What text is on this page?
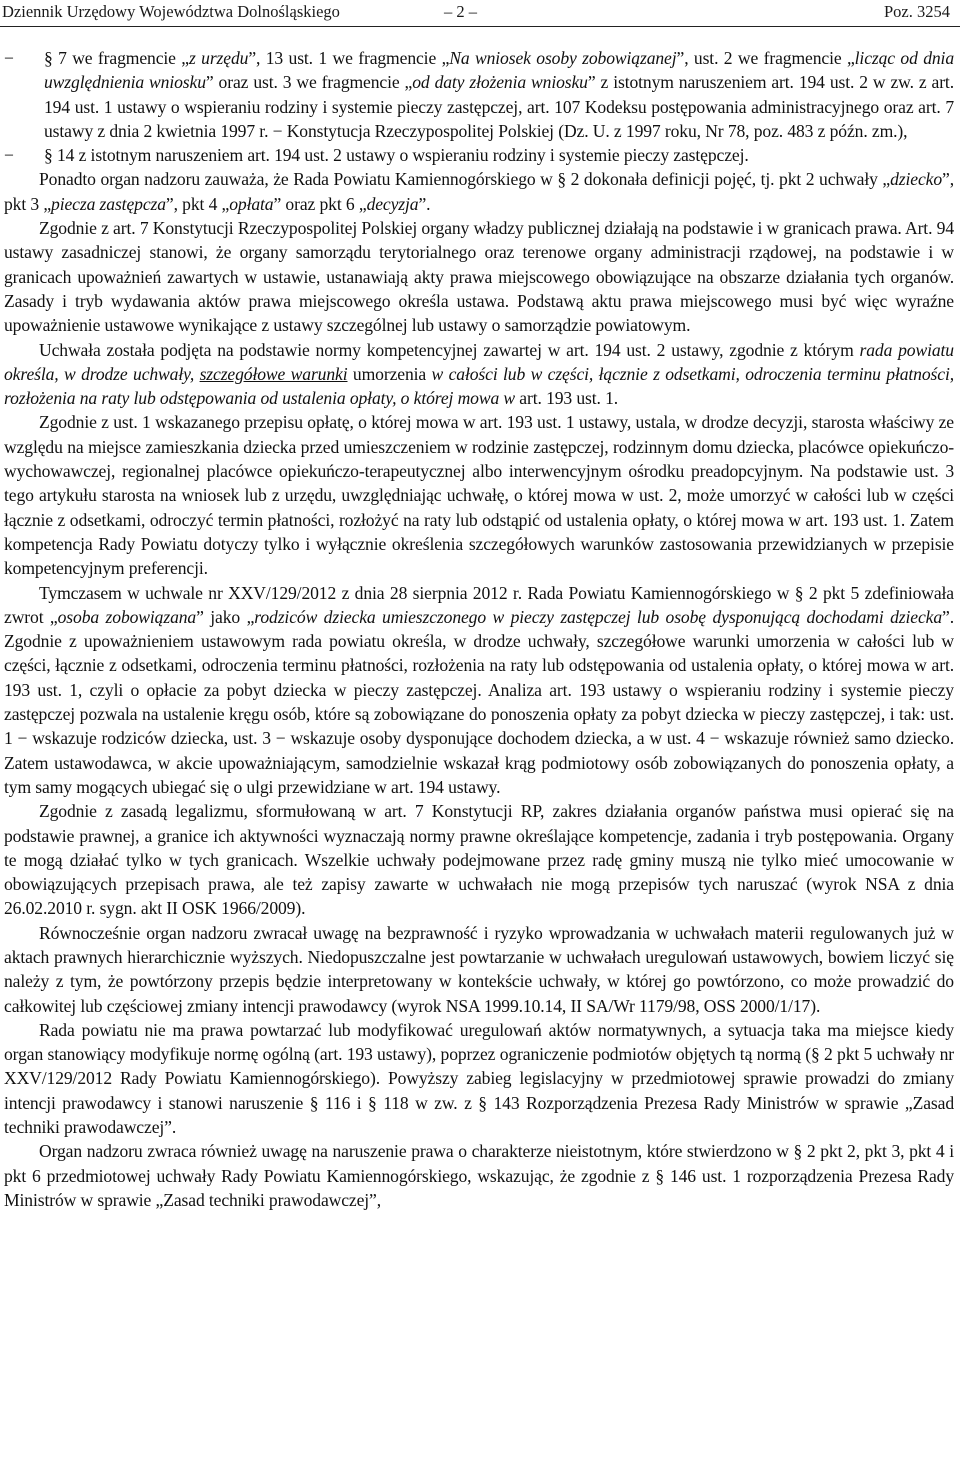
Dziennik Urzędowy Województwa Dolnośląskiego	– 2 –	Poz. 3254

− § 7 we fragmencie „z urzędu”, 13 ust. 1 we fragmencie „Na wniosek osoby zobowiązanej”, ust. 2 we fragmencie „licząc od dnia uwzględnienia wniosku” oraz ust. 3 we fragmencie „od daty złożenia wniosku” z istotnym naruszeniem art. 194 ust. 2 w zw. z art. 194 ust. 1 ustawy o wspieraniu rodziny i systemie pieczy zastępczej, art. 107 Kodeksu postępowania administracyjnego oraz art. 7 ustawy z dnia 2 kwietnia 1997 r. − Konstytucja Rzeczypospolitej Polskiej (Dz. U. z 1997 roku, Nr 78, poz. 483 z późn. zm.),

− § 14 z istotnym naruszeniem art. 194 ust. 2 ustawy o wspieraniu rodziny i systemie pieczy zastępczej.

Ponadto organ nadzoru zauważa, że Rada Powiatu Kamiennogórskiego w § 2 dokonała definicji pojęć, tj. pkt 2 uchwały „dziecko”, pkt 3 „piecza zastępcza”, pkt 4 „opłata” oraz pkt 6 „decyzja”.

Zgodnie z art. 7 Konstytucji Rzeczypospolitej Polskiej organy władzy publicznej działają na podstawie i w granicach prawa. Art. 94 ustawy zasadniczej stanowi, że organy samorządu terytorialnego oraz terenowe organy administracji rządowej, na podstawie i w granicach upoważnień zawartych w ustawie, ustanawiają akty prawa miejscowego obowiązujące na obszarze działania tych organów. Zasady i tryb wydawania aktów prawa miejscowego określa ustawa. Podstawą aktu prawa miejscowego musi być więc wyraźne upoważnienie ustawowe wynikające z ustawy szczególnej lub ustawy o samorządzie powiatowym.

Uchwała została podjęta na podstawie normy kompetencyjnej zawartej w art. 194 ust. 2 ustawy, zgodnie z którym rada powiatu określa, w drodze uchwały, szczegółowe warunki umorzenia w całości lub w części, łącznie z odsetkami, odroczenia terminu płatności, rozłożenia na raty lub odstępowania od ustalenia opłaty, o której mowa w art. 193 ust. 1.

Zgodnie z ust. 1 wskazanego przepisu opłatę, o której mowa w art. 193 ust. 1 ustawy, ustala, w drodze decyzji, starosta właściwy ze względu na miejsce zamieszkania dziecka przed umieszczeniem w rodzinie zastępczej, rodzinnym domu dziecka, placówce opiekuńczo-wychowawczej, regionalnej placówce opiekuńczo-terapeutycznej albo interwencyjnym ośrodku preadopcyjnym. Na podstawie ust. 3 tego artykułu starosta na wniosek lub z urzędu, uwzględniając uchwałę, o której mowa w ust. 2, może umorzyć w całości lub w części łącznie z odsetkami, odroczyć termin płatności, rozłożyć na raty lub odstąpić od ustalenia opłaty, o której mowa w art. 193 ust. 1. Zatem kompetencja Rady Powiatu dotyczy tylko i wyłącznie określenia szczegółowych warunków zastosowania przewidzianych w przepisie kompetencyjnym preferencji.

Tymczasem w uchwale nr XXV/129/2012 z dnia 28 sierpnia 2012 r. Rada Powiatu Kamiennogórskiego w § 2 pkt 5 zdefiniowała zwrot „osoba zobowiązana” jako „rodziców dziecka umieszczonego w pieczy zastępczej lub osobę dysponującą dochodami dziecka”. Zgodnie z upoważnieniem ustawowym rada powiatu określa, w drodze uchwały, szczegółowe warunki umorzenia w całości lub w części, łącznie z odsetkami, odroczenia terminu płatności, rozłożenia na raty lub odstępowania od ustalenia opłaty, o której mowa w art. 193 ust. 1, czyli o opłacie za pobyt dziecka w pieczy zastępczej. Analiza art. 193 ustawy o wspieraniu rodziny i systemie pieczy zastępczej pozwala na ustalenie kręgu osób, które są zobowiązane do ponoszenia opłaty za pobyt dziecka w pieczy zastępczej, i tak: ust. 1 − wskazuje rodziców dziecka, ust. 3 − wskazuje osoby dysponujące dochodem dziecka, a w ust. 4 − wskazuje również samo dziecko. Zatem ustawodawca, w akcie upoważniającym, samodzielnie wskazał krąg podmiotowy osób zobowiązanych do ponoszenia opłaty, a tym samy mogących ubiegać się o ulgi przewidziane w art. 194 ustawy.

Zgodnie z zasadą legalizmu, sformułowaną w art. 7 Konstytucji RP, zakres działania organów państwa musi opierać się na podstawie prawnej, a granice ich aktywności wyznaczają normy prawne określające kompetencje, zadania i tryb postępowania. Organy te mogą działać tylko w tych granicach. Wszelkie uchwały podejmowane przez radę gminy muszą nie tylko mieć umocowanie w obowiązujących przepisach prawa, ale też zapisy zawarte w uchwałach nie mogą przepisów tych naruszać (wyrok NSA z dnia 26.02.2010 r. sygn. akt II OSK 1966/2009).

Równocześnie organ nadzoru zwracał uwagę na bezprawność i ryzyko wprowadzania w uchwałach materii regulowanych już w aktach prawnych hierarchicznie wyższych. Niedopuszczalne jest powtarzanie w uchwałach uregulowań ustawowych, bowiem liczyć się należy z tym, że powtórzony przepis będzie interpretowany w kontekście uchwały, w której go powtórzono, co może prowadzić do całkowitej lub częściowej zmiany intencji prawodawcy (wyrok NSA 1999.10.14, II SA/Wr 1179/98, OSS 2000/1/17).

Rada powiatu nie ma prawa powtarzać lub modyfikować uregulowań aktów normatywnych, a sytuacja taka ma miejsce kiedy organ stanowiący modyfikuje normę ogólną (art. 193 ustawy), poprzez ograniczenie podmiotów objętych tą normą (§ 2 pkt 5 uchwały nr XXV/129/2012 Rady Powiatu Kamiennogórskiego). Powyższy zabieg legislacyjny w przedmiotowej sprawie prowadzi do zmiany intencji prawodawcy i stanowi naruszenie § 116 i § 118 w zw. z § 143 Rozporządzenia Prezesa Rady Ministrów w sprawie „Zasad techniki prawodawczej”.

Organ nadzoru zwraca również uwagę na naruszenie prawa o charakterze nieistotnym, które stwierdzono w § 2 pkt 2, pkt 3, pkt 4 i pkt 6 przedmiotowej uchwały Rady Powiatu Kamiennogórskiego, wskazując, że zgodnie z § 146 ust. 1 rozporządzenia Prezesa Rady Ministrów w sprawie „Zasad techniki prawodawczej”,
